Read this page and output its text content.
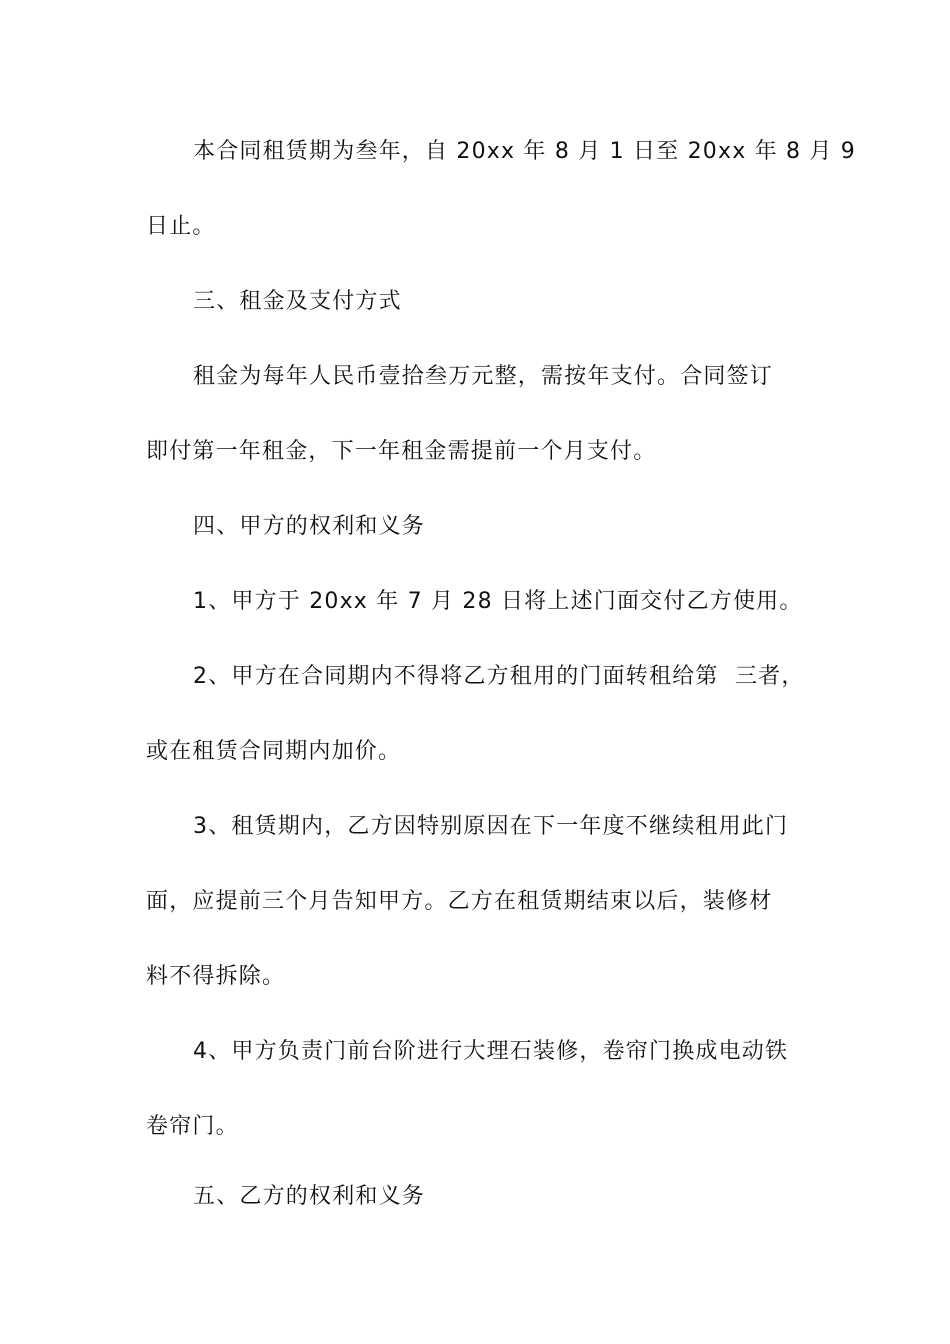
本合同租赁期为叁年，自 20xx 年 8 月 1 日至 20xx 年 8 月 9
日止。
三、租金及支付方式
租金为每年人民币壹拾叁万元整，需按年支付。合同签订
即付第一年租金，下一年租金需提前一个月支付。
四、甲方的权利和义务
1、甲方于 20xx 年 7 月 28 日将上述门面交付乙方使用。
2、甲方在合同期内不得将乙方租用的门面转租给第  三者，
或在租赁合同期内加价。
3、租赁期内，乙方因特别原因在下一年度不继续租用此门
面，应提前三个月告知甲方。乙方在租赁期结束以后，装修材
料不得拆除。
4、甲方负责门前台阶进行大理石装修，卷帘门换成电动铁
卷帘门。
五、乙方的权利和义务
